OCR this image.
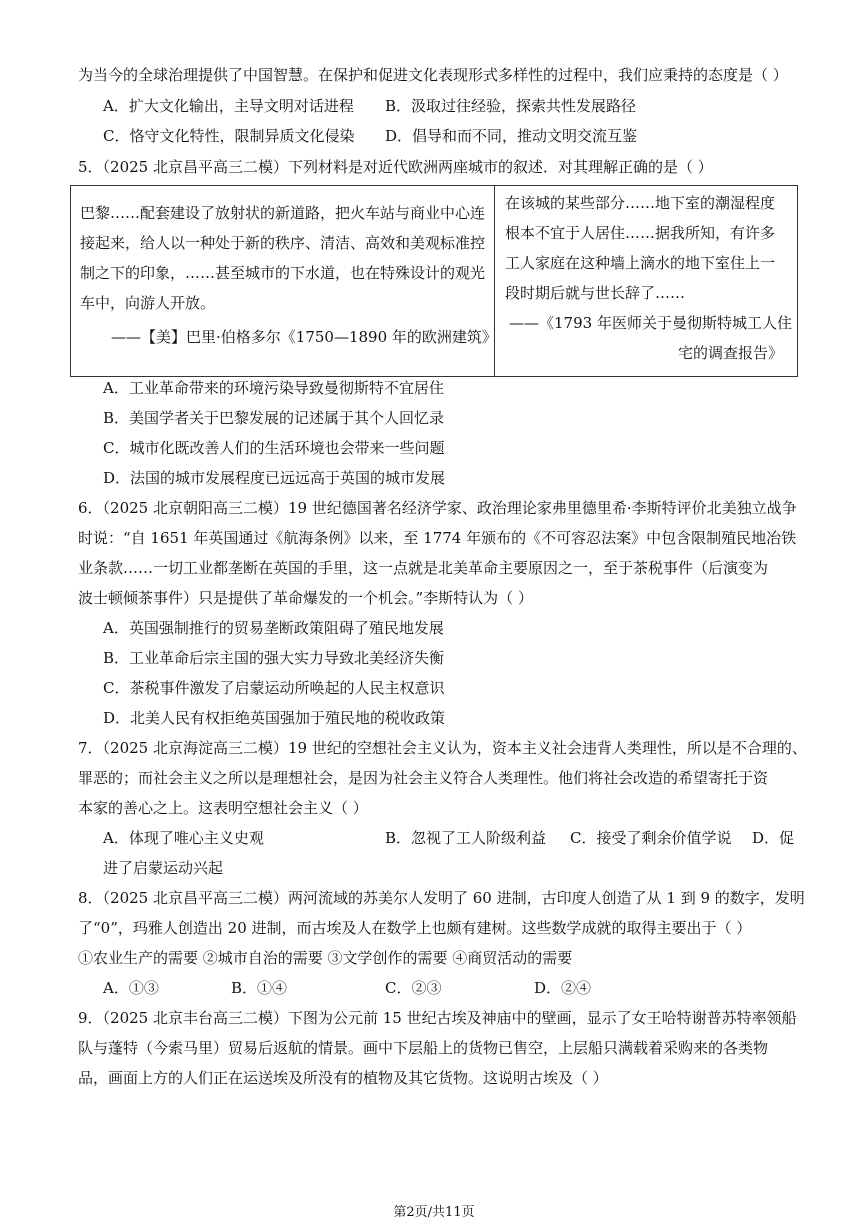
为当今的全球治理提供了中国智慧。在保护和促进文化表现形式多样性的过程中，我们应秉持的态度是（ ）
A．扩大文化输出，主导文明对话进程 B．汲取过往经验，探索共性发展路径
C．恪守文化特性，限制异质文化侵染 D．倡导和而不同，推动文明交流互鉴
5．（2025 北京昌平高三二模）下列材料是对近代欧洲两座城市的叙述．对其理解正确的是（ ）
巴黎……配套建设了放射状的新道路，把火车站与商业中心连
接起来，给人以一种处于新的秩序、清洁、高效和美观标准控
制之下的印象，……甚至城市的下水道，也在特殊设计的观光
车中，向游人开放。
——【美】巴里·伯格多尔《1750—1890 年的欧洲建筑》

在该城的某些部分……地下室的潮湿程度
根本不宜于人居住……据我所知，有许多
工人家庭在这种墙上滴水的地下室住上一
段时期后就与世长辞了……
——《1793 年医师关于曼彻斯特城工人住
宅的调查报告》
A．工业革命带来的环境污染导致曼彻斯特不宜居住
B．美国学者关于巴黎发展的记述属于其个人回忆录
C．城市化既改善人们的生活环境也会带来一些问题
D．法国的城市发展程度已远远高于英国的城市发展
6．（2025 北京朝阳高三二模）19 世纪德国著名经济学家、政治理论家弗里德里希·李斯特评价北美独立战争
时说：“自 1651 年英国通过《航海条例》以来，至 1774 年颁布的《不可容忍法案》中包含限制殖民地冶铁
业条款……一切工业都垄断在英国的手里，这一点就是北美革命主要原因之一，至于茶税事件（后演变为
波士顿倾茶事件）只是提供了革命爆发的一个机会。”李斯特认为（ ）
A．英国强制推行的贸易垄断政策阻碍了殖民地发展
B．工业革命后宗主国的强大实力导致北美经济失衡
C．茶税事件激发了启蒙运动所唤起的人民主权意识
D．北美人民有权拒绝英国强加于殖民地的税收政策
7．（2025 北京海淀高三二模）19 世纪的空想社会主义认为，资本主义社会违背人类理性，所以是不合理的、
罪恶的；而社会主义之所以是理想社会，是因为社会主义符合人类理性。他们将社会改造的希望寄托于资
本家的善心之上。这表明空想社会主义（ ）
A．体现了唯心主义史观	B．忽视了工人阶级利益 C．接受了剩余价值学说 D．促
进了启蒙运动兴起
8．（2025 北京昌平高三二模）两河流域的苏美尔人发明了 60 进制，古印度人创造了从 1 到 9 的数字，发明
了“0”，玛雅人创造出 20 进制，而古埃及人在数学上也颇有建树。这些数学成就的取得主要出于（ ）
①农业生产的需要 ②城市自治的需要 ③文学创作的需要 ④商贸活动的需要
A．①③	B．①④	C．②③	D．②④
9．（2025 北京丰台高三二模）下图为公元前 15 世纪古埃及神庙中的壁画，显示了女王哈特谢普苏特率领船
队与蓬特（今索马里）贸易后返航的情景。画中下层船上的货物已售空，上层船只满载着采购来的各类物
品，画面上方的人们正在运送埃及所没有的植物及其它货物。这说明古埃及（ ）
第2页/共11页
